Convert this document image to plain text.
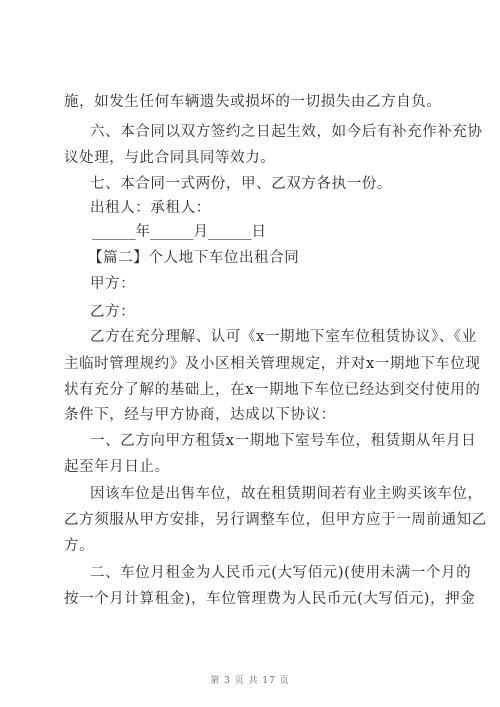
施，如发生任何车辆遗失或损坏的一切损失由乙方自负。
六、本合同以双方签约之日起生效，如今后有补充作补充协
议处理，与此合同具同等效力。
七、本合同一式两份，甲、乙双方各执一份。
出租人：承租人：
______年______月______日
【篇二】个人地下车位出租合同
甲方：
乙方：
乙方在充分理解、认可《x一期地下室车位租赁协议》、《业
主临时管理规约》及小区相关管理规定，并对x一期地下车位现
状有充分了解的基础上，在x一期地下车位已经达到交付使用的
条件下，经与甲方协商，达成以下协议：
一、乙方向甲方租赁x一期地下室号车位，租赁期从年月日
起至年月日止。
因该车位是出售车位，故在租赁期间若有业主购买该车位，
乙方须服从甲方安排，另行调整车位，但甲方应于一周前通知乙
方。
二、车位月租金为人民币元(大写佰元)(使用未满一个月的
按一个月计算租金)，车位管理费为人民币元(大写佰元)，押金
第 3 页 共 17 页
